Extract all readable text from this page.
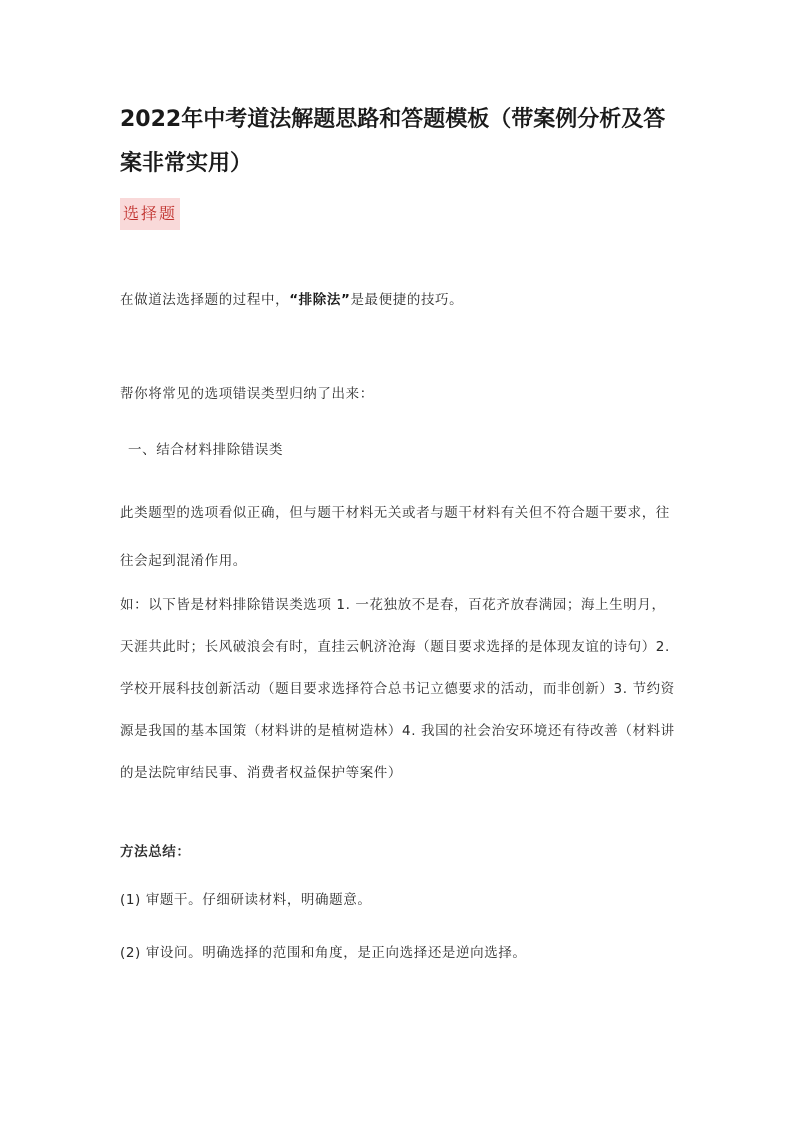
2022年中考道法解题思路和答题模板（带案例分析及答案非常实用）
选择题

在做道法选择题的过程中，“排除法”是最便捷的技巧。

帮你将常见的选项错误类型归纳了出来：

一、结合材料排除错误类

此类题型的选项看似正确，但与题干材料无关或者与题干材料有关但不符合题干要求，往往会起到混淆作用。

如：以下皆是材料排除错误类选项 1. 一花独放不是春，百花齐放春满园；海上生明月，天涯共此时；长风破浪会有时，直挂云帆济沧海（题目要求选择的是体现友谊的诗句）2. 学校开展科技创新活动（题目要求选择符合总书记立德要求的活动，而非创新）3. 节约资源是我国的基本国策（材料讲的是植树造林）4. 我国的社会治安环境还有待改善（材料讲的是法院审结民事、消费者权益保护等案件）

方法总结：

(1) 审题干。仔细研读材料，明确题意。

(2) 审设问。明确选择的范围和角度，是正向选择还是逆向选择。
